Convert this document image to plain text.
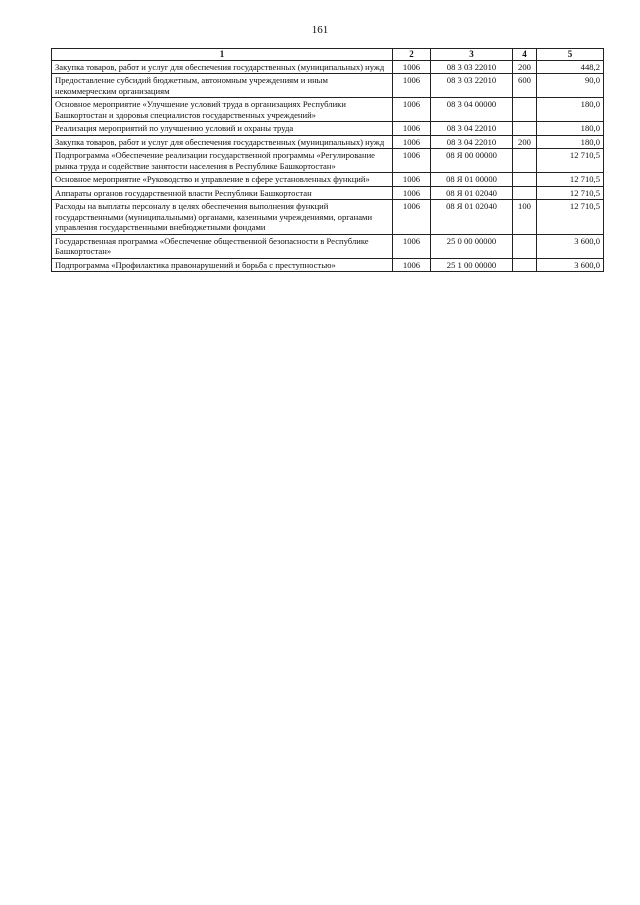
161
1	2	3	4	5
Закупка товаров, работ и услуг для обеспечения государственных (муниципальных) нужд	1006	08 3 03 22010	200	448,2
Предоставление субсидий бюджетным, автономным учреждениям и иным некоммерческим организациям	1006	08 3 03 22010	600	90,0
Основное мероприятие «Улучшение условий труда в организациях Республики Башкортостан и здоровья специалистов государственных учреждений»	1006	08 3 04 00000		180,0
Реализация мероприятий по улучшению условий и охраны труда	1006	08 3 04 22010		180,0
Закупка товаров, работ и услуг для обеспечения государственных (муниципальных) нужд	1006	08 3 04 22010	200	180,0
Подпрограмма «Обеспечение реализации государственной программы «Регулирование рынка труда и содействие занятости населения в Республике Башкортостан»	1006	08 Я 00 00000		12 710,5
Основное мероприятие «Руководство и управление в сфере установленных функций»	1006	08 Я 01 00000		12 710,5
Аппараты органов государственной власти Республики Башкортостан	1006	08 Я 01 02040		12 710,5
Расходы на выплаты персоналу в целях обеспечения выполнения функций государственными (муниципальными) органами, казенными учреждениями, органами управления государственными внебюджетными фондами	1006	08 Я 01 02040	100	12 710,5
Государственная программа «Обеспечение общественной безопасности в Республике Башкортостан»	1006	25 0 00 00000		3 600,0
Подпрограмма «Профилактика правонарушений и борьба с преступностью»	1006	25 1 00 00000		3 600,0
